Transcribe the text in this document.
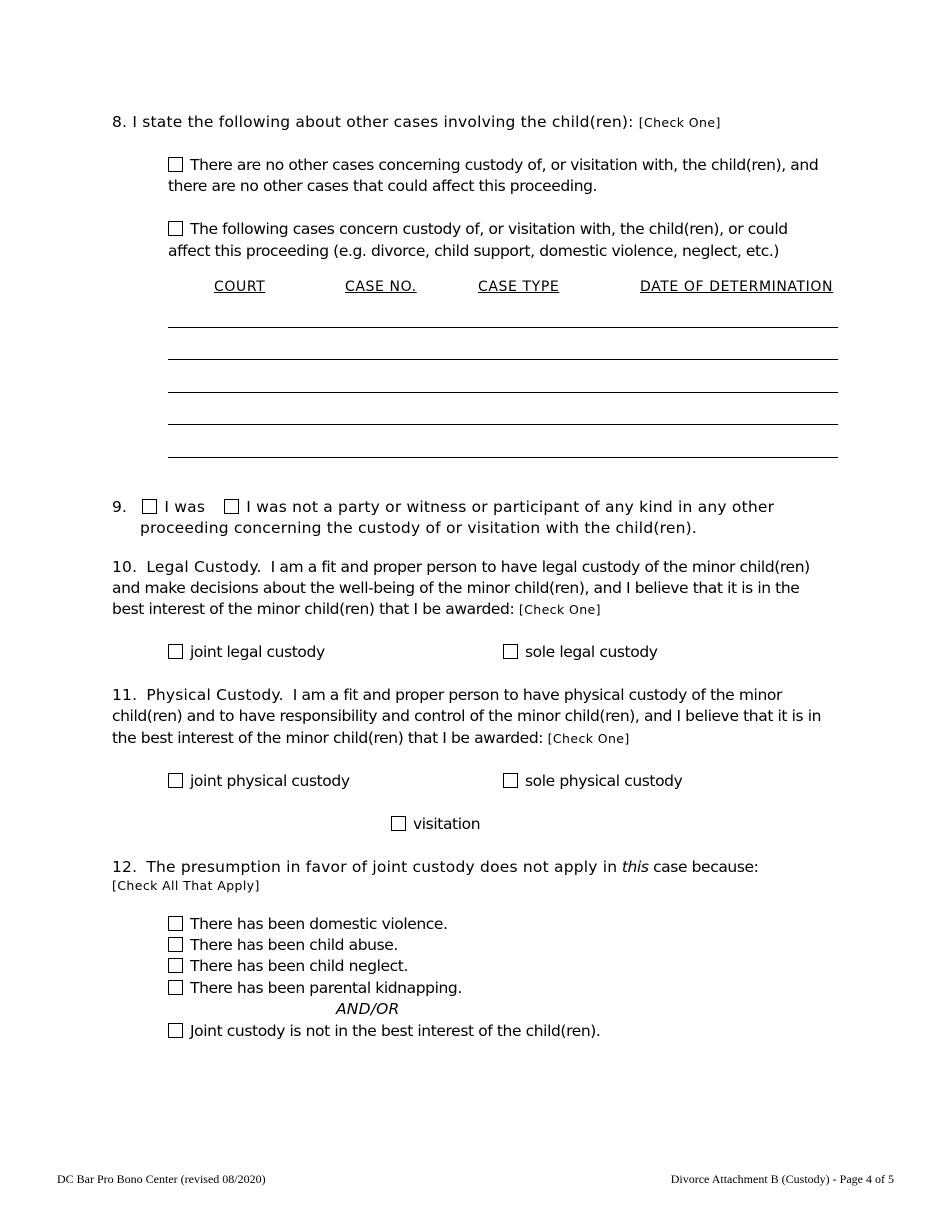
8. I state the following about other cases involving the child(ren): [Check One]
There are no other cases concerning custody of, or visitation with, the child(ren), and
there are no other cases that could affect this proceeding.
The following cases concern custody of, or visitation with, the child(ren), or could
affect this proceeding (e.g. divorce, child support, domestic violence, neglect, etc.)
COURT	CASE NO.	CASE TYPE	DATE OF DETERMINATION
9. I was	I was not a party or witness or participant of any kind in any other
proceeding concerning the custody of or visitation with the child(ren).
10. Legal Custody. I am a fit and proper person to have legal custody of the minor child(ren)
and make decisions about the well-being of the minor child(ren), and I believe that it is in the
best interest of the minor child(ren) that I be awarded: [Check One]
joint legal custody	sole legal custody
11. Physical Custody. I am a fit and proper person to have physical custody of the minor
child(ren) and to have responsibility and control of the minor child(ren), and I believe that it is in
the best interest of the minor child(ren) that I be awarded: [Check One]
joint physical custody	sole physical custody
visitation
12. The presumption in favor of joint custody does not apply in this case because:
[Check All That Apply]
There has been domestic violence.
There has been child abuse.
There has been child neglect.
There has been parental kidnapping.
AND/OR
Joint custody is not in the best interest of the child(ren).
DC Bar Pro Bono Center (revised 08/2020)	Divorce Attachment B (Custody) - Page 4 of 5
